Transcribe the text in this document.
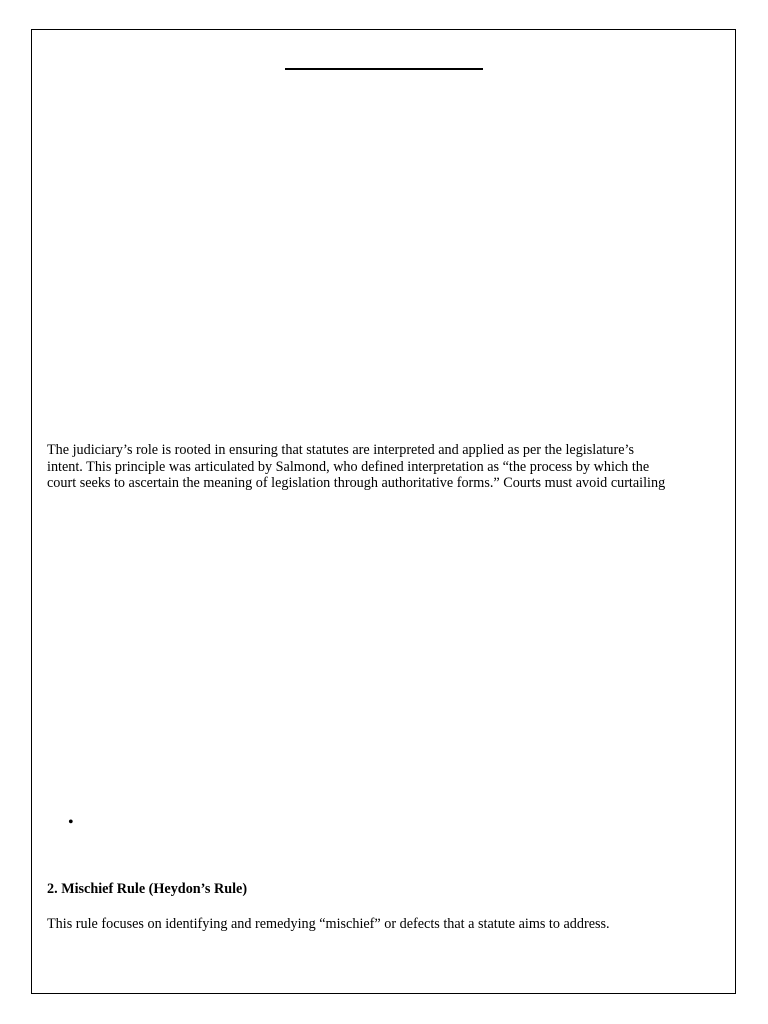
The judiciary’s role is rooted in ensuring that statutes are interpreted and applied as per the legislature’s
intent. This principle was articulated by Salmond, who defined interpretation as “the process by which the
court seeks to ascertain the meaning of legislation through authoritative forms.” Courts must avoid curtailing

•

2. Mischief Rule (Heydon’s Rule)

This rule focuses on identifying and remedying “mischief” or defects that a statute aims to address.
